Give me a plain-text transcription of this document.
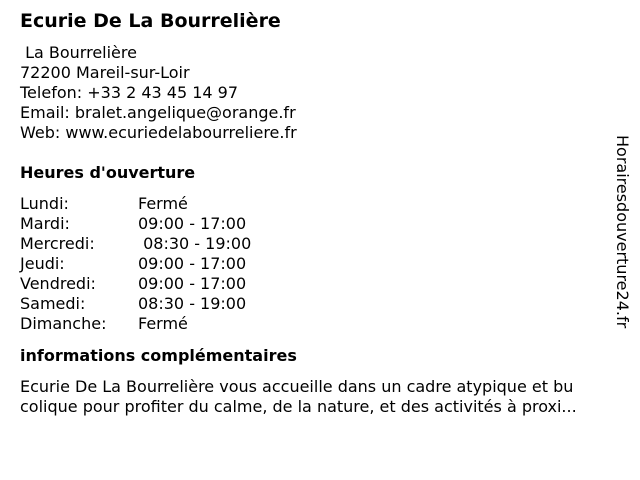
Ecurie De La Bourrelière
La Bourrelière
72200 Mareil-sur-Loir
Telefon: +33 2 43 45 14 97
Email: bralet.angelique@orange.fr
Web: www.ecuriedelabourreliere.fr
Heures d'ouverture
Lundi:	Fermé
Mardi:	09:00 - 17:00
Mercredi:	08:30 - 19:00
Jeudi:	09:00 - 17:00
Vendredi:	09:00 - 17:00
Samedi:	08:30 - 19:00
Dimanche:	Fermé
informations complémentaires
Ecurie De La Bourrelière vous accueille dans un cadre atypique et bu
colique pour profiter du calme, de la nature, et des activités à proxi...
Horairesdouverture24.fr
